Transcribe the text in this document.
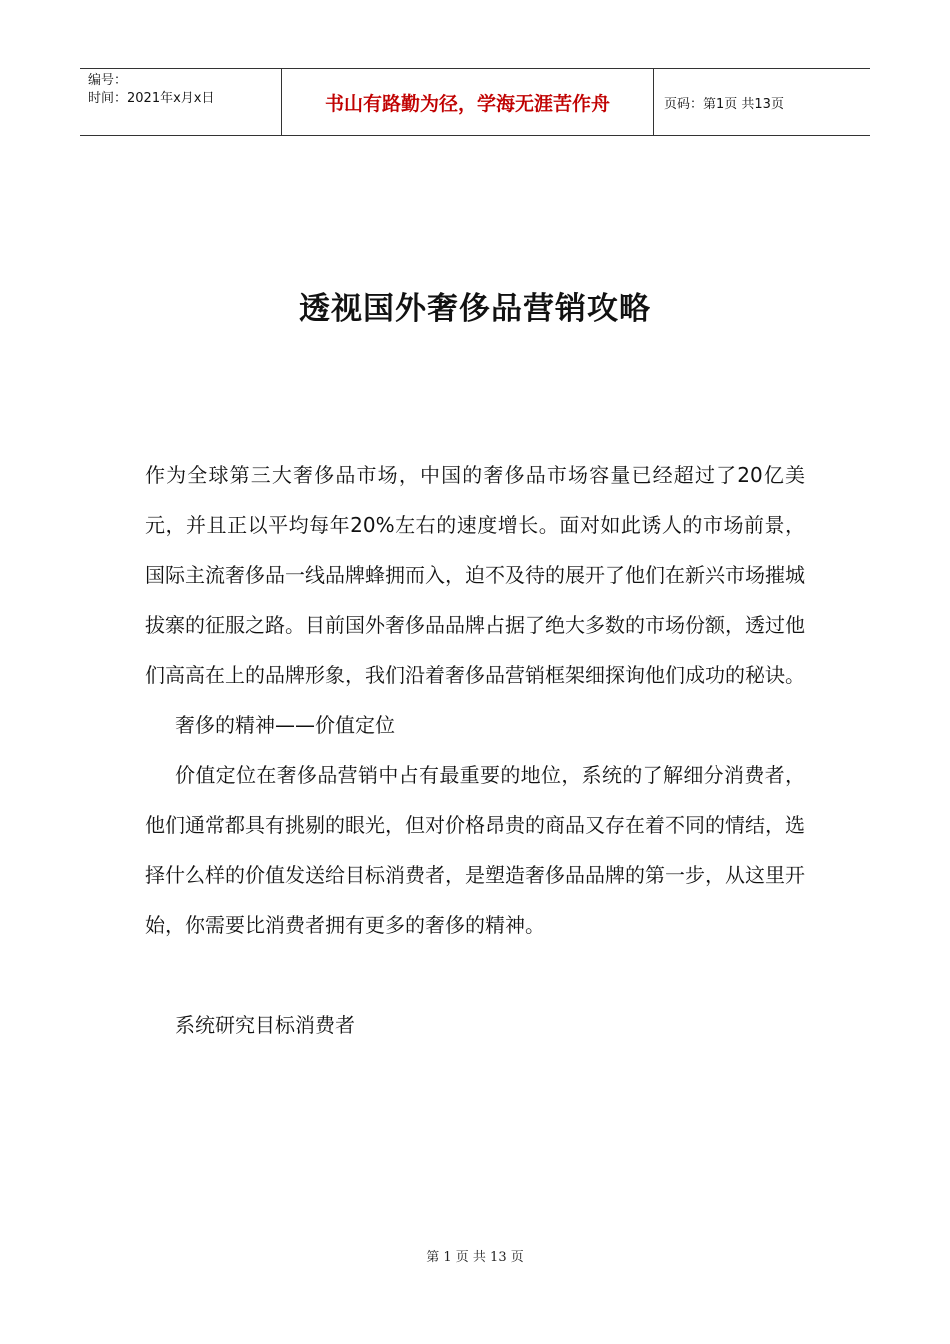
编号：
时间：2021年x月x日	书山有路勤为径，学海无涯苦作舟	页码：第1页 共13页
透视国外奢侈品营销攻略

作为全球第三大奢侈品市场，中国的奢侈品市场容量已经超过了20亿美元，并且正以平均每年20%左右的速度增长。面对如此诱人的市场前景，国际主流奢侈品一线品牌蜂拥而入，迫不及待的展开了他们在新兴市场摧城拔寨的征服之路。目前国外奢侈品品牌占据了绝大多数的市场份额，透过他们高高在上的品牌形象，我们沿着奢侈品营销框架细探询他们成功的秘诀。

奢侈的精神——价值定位

价值定位在奢侈品营销中占有最重要的地位，系统的了解细分消费者，他们通常都具有挑剔的眼光，但对价格昂贵的商品又存在着不同的情结，选择什么样的价值发送给目标消费者，是塑造奢侈品品牌的第一步，从这里开始，你需要比消费者拥有更多的奢侈的精神。

系统研究目标消费者

第 1 页 共 13 页
